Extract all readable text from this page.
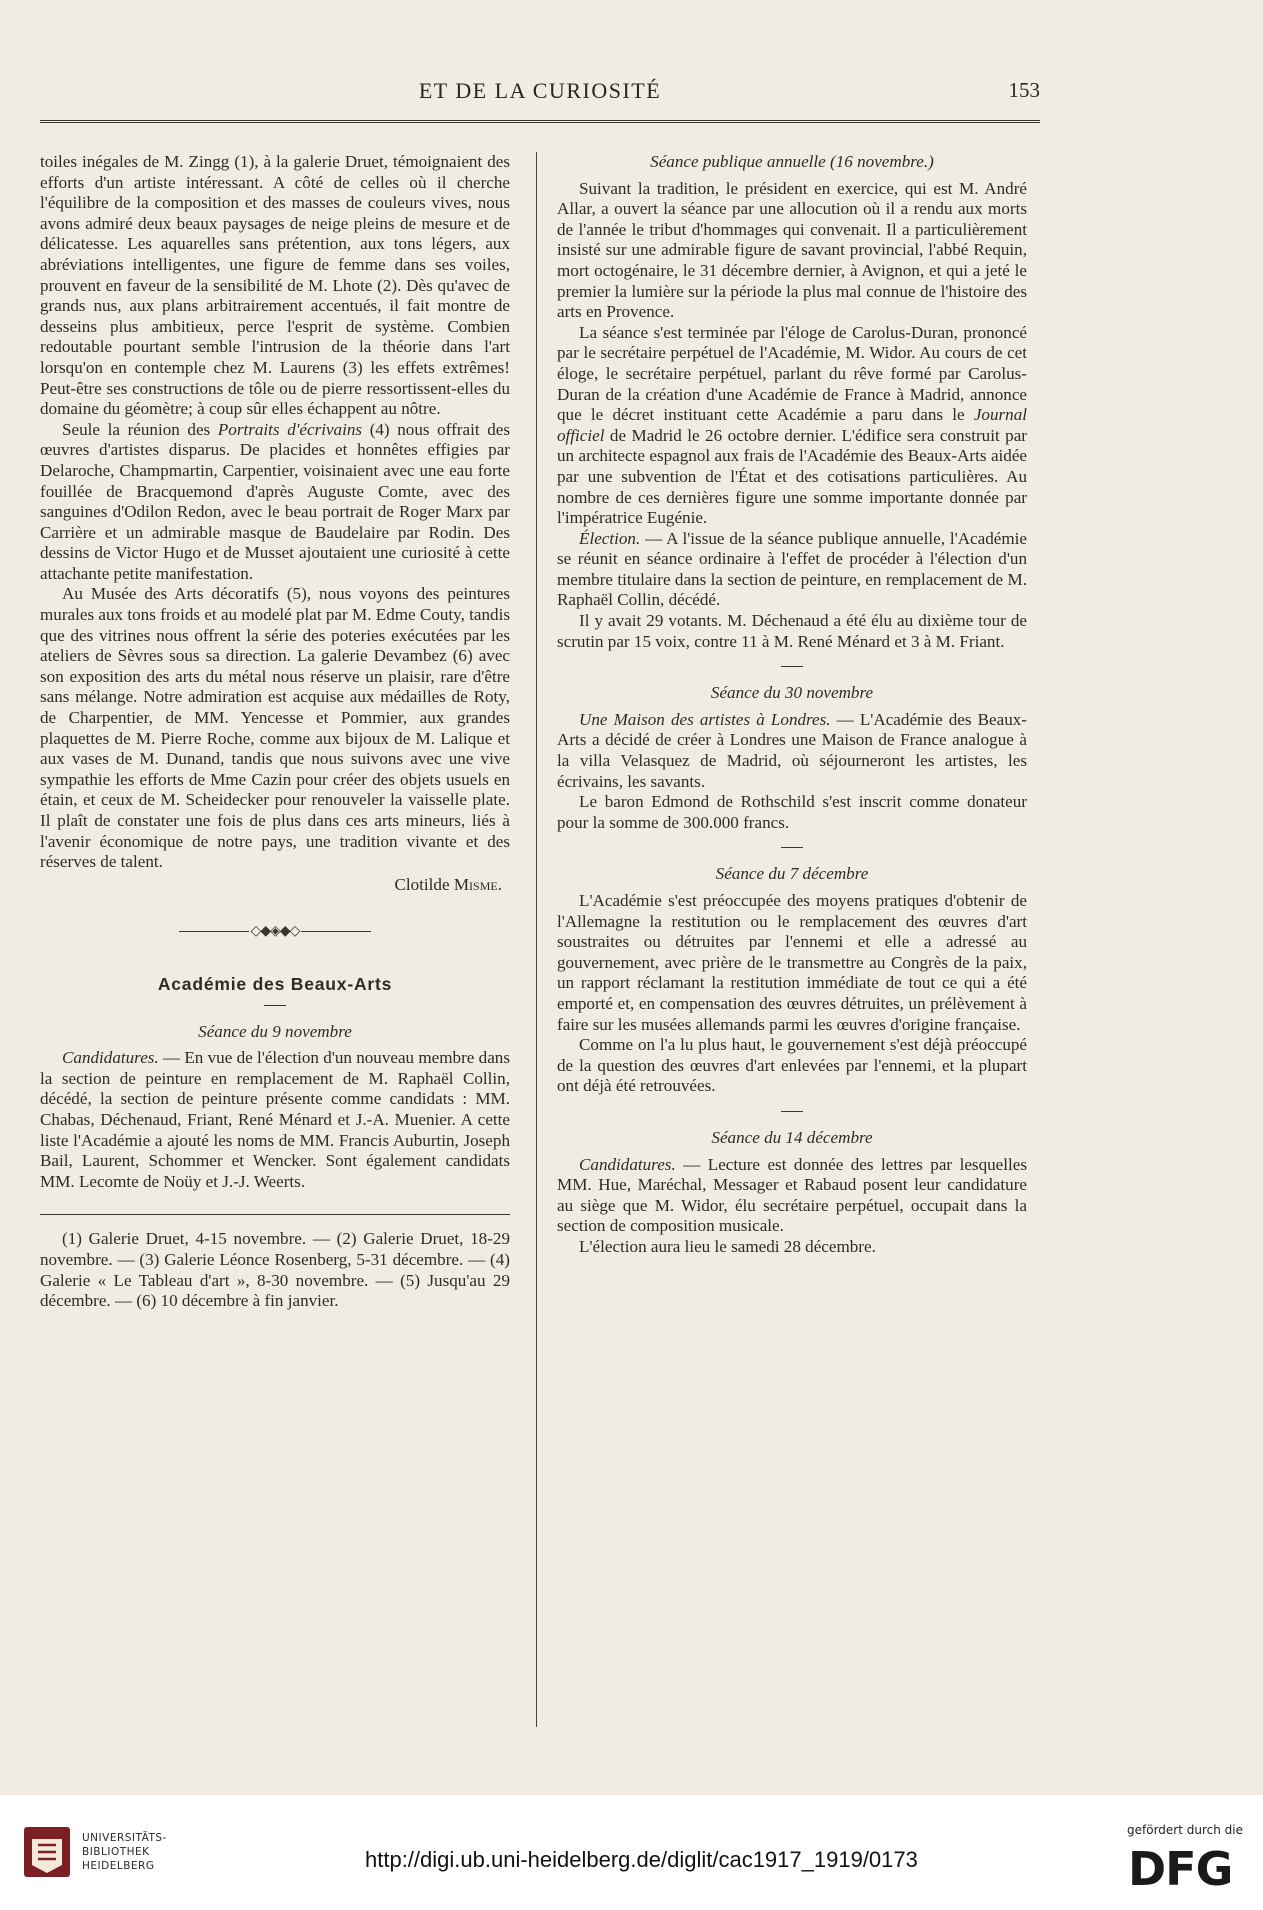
ET DE LA CURIOSITÉ	153

toiles inégales de M. Zingg (1), à la galerie Druet, témoignaient des efforts d'un artiste intéressant. A côté de celles où il cherche l'équilibre de la composition et des masses de couleurs vives, nous avons admiré deux beaux paysages de neige pleins de mesure et de délicatesse. Les aquarelles sans prétention, aux tons légers, aux abréviations intelligentes, une figure de femme dans ses voiles, prouvent en faveur de la sensibilité de M. Lhote (2). Dès qu'avec de grands nus, aux plans arbitrairement accentués, il fait montre de desseins plus ambitieux, perce l'esprit de système. Combien redoutable pourtant semble l'intrusion de la théorie dans l'art lorsqu'on en contemple chez M. Laurens (3) les effets extrêmes! Peut-être ses constructions de tôle ou de pierre ressortissent-elles du domaine du géomètre; à coup sûr elles échappent au nôtre.

Seule la réunion des Portraits d'écrivains (4) nous offrait des œuvres d'artistes disparus. De placides et honnêtes effigies par Delaroche, Champmartin, Carpentier, voisinaient avec une eau forte fouillée de Bracquemond d'après Auguste Comte, avec des sanguines d'Odilon Redon, avec le beau portrait de Roger Marx par Carrière et un admirable masque de Baudelaire par Rodin. Des dessins de Victor Hugo et de Musset ajoutaient une curiosité à cette attachante petite manifestation.

Au Musée des Arts décoratifs (5), nous voyons des peintures murales aux tons froids et au modelé plat par M. Edme Couty, tandis que des vitrines nous offrent la série des poteries exécutées par les ateliers de Sèvres sous sa direction. La galerie Devambez (6) avec son exposition des arts du métal nous réserve un plaisir, rare d'être sans mélange. Notre admiration est acquise aux médailles de Roty, de Charpentier, de MM. Yencesse et Pommier, aux grandes plaquettes de M. Pierre Roche, comme aux bijoux de M. Lalique et aux vases de M. Dunand, tandis que nous suivons avec une vive sympathie les efforts de Mme Cazin pour créer des objets usuels en étain, et ceux de M. Scheidecker pour renouveler la vaisselle plate. Il plaît de constater une fois de plus dans ces arts mineurs, liés à l'avenir économique de notre pays, une tradition vivante et des réserves de talent.

Clotilde Misme.

◇◆◈◆◇
Académie des Beaux-Arts

Séance du 9 novembre

Candidatures. — En vue de l'élection d'un nouveau membre dans la section de peinture en remplacement de M. Raphaël Collin, décédé, la section de peinture présente comme candidats : MM. Chabas, Déchenaud, Friant, René Ménard et J.-A. Muenier. A cette liste l'Académie a ajouté les noms de MM. Francis Auburtin, Joseph Bail, Laurent, Schommer et Wencker. Sont également candidats MM. Lecomte de Noüy et J.-J. Weerts.

(1) Galerie Druet, 4-15 novembre. — (2) Galerie Druet, 18-29 novembre. — (3) Galerie Léonce Rosenberg, 5-31 décembre. — (4) Galerie « Le Tableau d'art », 8-30 novembre. — (5) Jusqu'au 29 décembre. — (6) 10 décembre à fin janvier.

Séance publique annuelle (16 novembre.)

Suivant la tradition, le président en exercice, qui est M. André Allar, a ouvert la séance par une allocution où il a rendu aux morts de l'année le tribut d'hommages qui convenait. Il a particulièrement insisté sur une admirable figure de savant provincial, l'abbé Requin, mort octogénaire, le 31 décembre dernier, à Avignon, et qui a jeté le premier la lumière sur la période la plus mal connue de l'histoire des arts en Provence.

La séance s'est terminée par l'éloge de Carolus-Duran, prononcé par le secrétaire perpétuel de l'Académie, M. Widor. Au cours de cet éloge, le secrétaire perpétuel, parlant du rêve formé par Carolus-Duran de la création d'une Académie de France à Madrid, annonce que le décret instituant cette Académie a paru dans le Journal officiel de Madrid le 26 octobre dernier. L'édifice sera construit par un architecte espagnol aux frais de l'Académie des Beaux-Arts aidée par une subvention de l'État et des cotisations particulières. Au nombre de ces dernières figure une somme importante donnée par l'impératrice Eugénie.

Élection. — A l'issue de la séance publique annuelle, l'Académie se réunit en séance ordinaire à l'effet de procéder à l'élection d'un membre titulaire dans la section de peinture, en remplacement de M. Raphaël Collin, décédé.

Il y avait 29 votants. M. Déchenaud a été élu au dixième tour de scrutin par 15 voix, contre 11 à M. René Ménard et 3 à M. Friant.

Séance du 30 novembre

Une Maison des artistes à Londres. — L'Académie des Beaux-Arts a décidé de créer à Londres une Maison de France analogue à la villa Velasquez de Madrid, où séjourneront les artistes, les écrivains, les savants.

Le baron Edmond de Rothschild s'est inscrit comme donateur pour la somme de 300.000 francs.

Séance du 7 décembre

L'Académie s'est préoccupée des moyens pratiques d'obtenir de l'Allemagne la restitution ou le remplacement des œuvres d'art soustraites ou détruites par l'ennemi et elle a adressé au gouvernement, avec prière de le transmettre au Congrès de la paix, un rapport réclamant la restitution immédiate de tout ce qui a été emporté et, en compensation des œuvres détruites, un prélèvement à faire sur les musées allemands parmi les œuvres d'origine française.

Comme on l'a lu plus haut, le gouvernement s'est déjà préoccupé de la question des œuvres d'art enlevées par l'ennemi, et la plupart ont déjà été retrouvées.

Séance du 14 décembre

Candidatures. — Lecture est donnée des lettres par lesquelles MM. Hue, Maréchal, Messager et Rabaud posent leur candidature au siège que M. Widor, élu secrétaire perpétuel, occupait dans la section de composition musicale.

L'élection aura lieu le samedi 28 décembre.

UNIVERSITÄTS-
BIBLIOTHEK
HEIDELBERG	http://digi.ub.uni-heidelberg.de/diglit/cac1917_1919/0173
gefördert durch die
DFG
